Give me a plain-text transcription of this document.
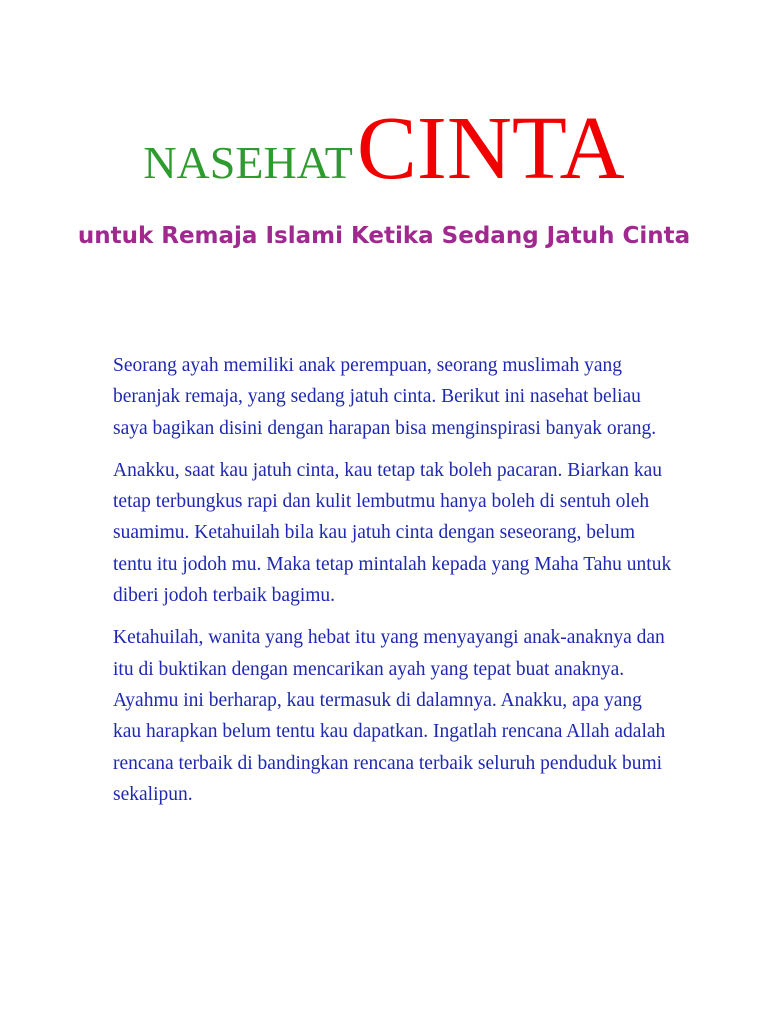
NASEHAT CINTA
untuk Remaja Islami Ketika Sedang Jatuh Cinta

Seorang ayah memiliki anak perempuan, seorang muslimah yang beranjak remaja, yang sedang jatuh cinta. Berikut ini nasehat beliau saya bagikan disini dengan harapan bisa menginspirasi banyak orang.

Anakku, saat kau jatuh cinta, kau tetap tak boleh pacaran. Biarkan kau tetap terbungkus rapi dan kulit lembutmu hanya boleh di sentuh oleh suamimu. Ketahuilah bila kau jatuh cinta dengan seseorang, belum tentu itu jodoh mu. Maka tetap mintalah kepada yang Maha Tahu untuk diberi jodoh terbaik bagimu.

Ketahuilah, wanita yang hebat itu yang menyayangi anak-anaknya dan itu di buktikan dengan mencarikan ayah yang tepat buat anaknya. Ayahmu ini berharap, kau termasuk di dalamnya. Anakku, apa yang kau harapkan belum tentu kau dapatkan. Ingatlah rencana Allah adalah rencana terbaik di bandingkan rencana terbaik seluruh penduduk bumi sekalipun.
